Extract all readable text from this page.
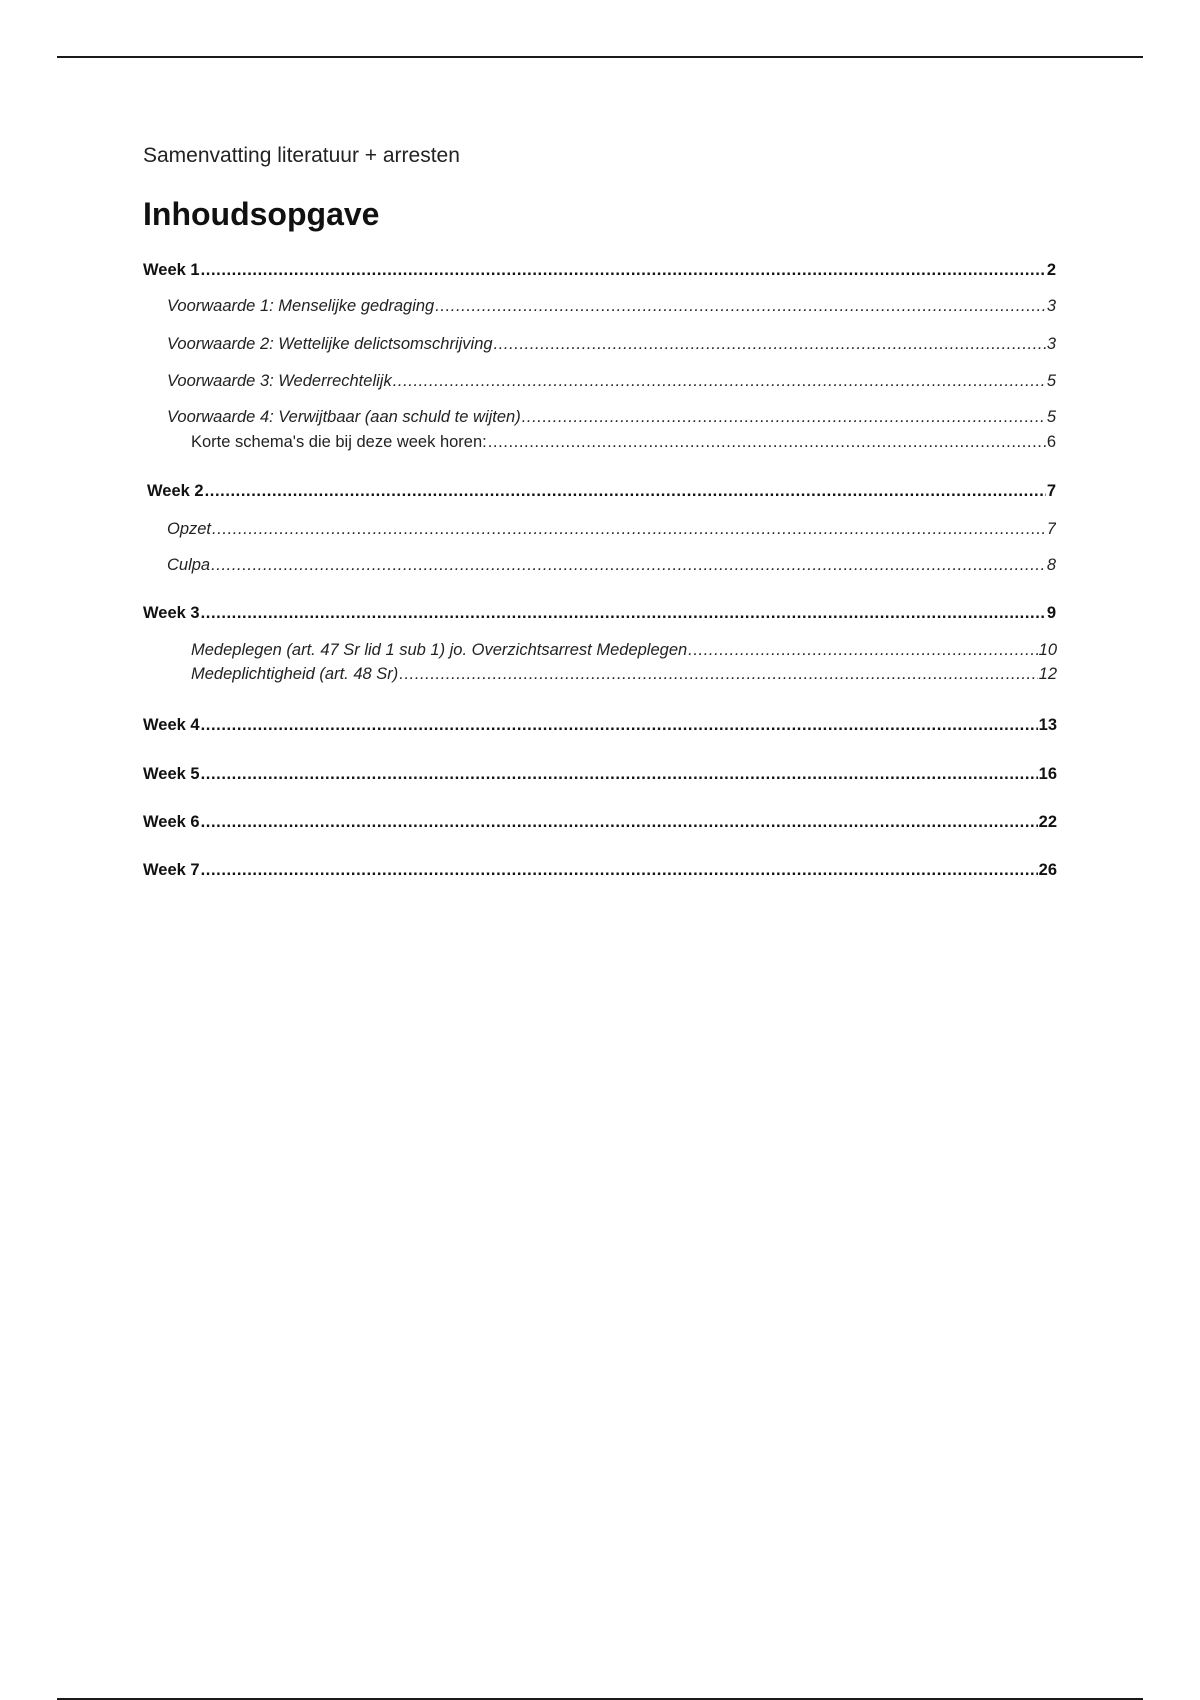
Samenvatting literatuur + arresten
Inhoudsopgave
Week 1 .....	2
Voorwaarde 1: Menselijke gedraging .....	3
Voorwaarde 2: Wettelijke delictsomschrijving .....	3
Voorwaarde 3: Wederrechtelijk .....	5
Voorwaarde 4: Verwijtbaar (aan schuld te wijten) .....	5
Korte schema's die bij deze week horen: .....	6
Week 2 .....	7
Opzet .....	7
Culpa .....	8
Week 3 .....	9
Medeplegen (art. 47 Sr lid 1 sub 1) jo. Overzichtsarrest Medeplegen .....	10
Medeplichtigheid (art. 48 Sr) .....	12
Week 4 .....	13
Week 5 .....	16
Week 6 .....	22
Week 7 .....	26
